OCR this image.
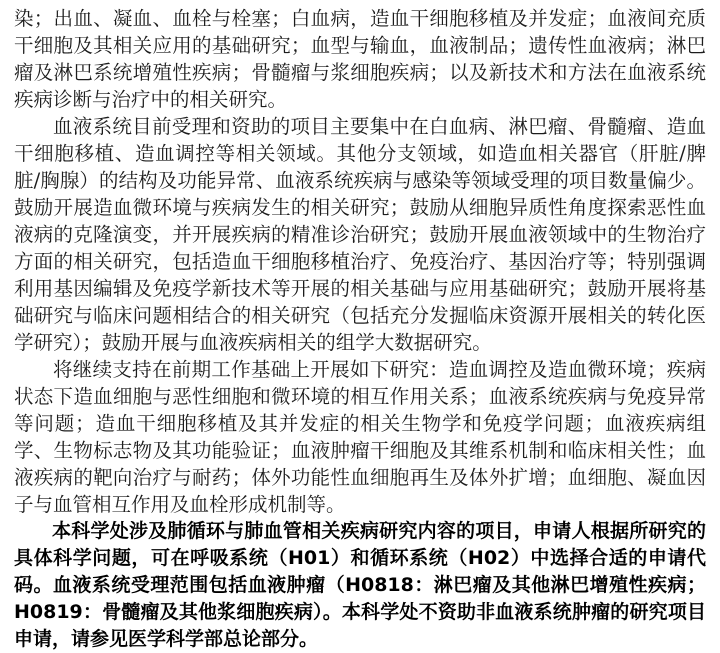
染；出血、凝血、血栓与栓塞；白血病，造血干细胞移植及并发症；血液间充质干细胞及其相关应用的基础研究；血型与输血，血液制品；遗传性血液病；淋巴瘤及淋巴系统增殖性疾病；骨髓瘤与浆细胞疾病；以及新技术和方法在血液系统疾病诊断与治疗中的相关研究。

血液系统目前受理和资助的项目主要集中在白血病、淋巴瘤、骨髓瘤、造血干细胞移植、造血调控等相关领域。其他分支领域，如造血相关器官（肝脏/脾脏/胸腺）的结构及功能异常、血液系统疾病与感染等领域受理的项目数量偏少。鼓励开展造血微环境与疾病发生的相关研究；鼓励从细胞异质性角度探索恶性血液病的克隆演变，并开展疾病的精准诊治研究；鼓励开展血液领域中的生物治疗方面的相关研究，包括造血干细胞移植治疗、免疫治疗、基因治疗等；特别强调利用基因编辑及免疫学新技术等开展的相关基础与应用基础研究；鼓励开展将基础研究与临床问题相结合的相关研究（包括充分发掘临床资源开展相关的转化医学研究）；鼓励开展与血液疾病相关的组学大数据研究。

将继续支持在前期工作基础上开展如下研究：造血调控及造血微环境；疾病状态下造血细胞与恶性细胞和微环境的相互作用关系；血液系统疾病与免疫异常等问题；造血干细胞移植及其并发症的相关生物学和免疫学问题；血液疾病组学、生物标志物及其功能验证；血液肿瘤干细胞及其维系机制和临床相关性；血液疾病的靶向治疗与耐药；体外功能性血细胞再生及体外扩增；血细胞、凝血因子与血管相互作用及血栓形成机制等。

本科学处涉及肺循环与肺血管相关疾病研究内容的项目，申请人根据所研究的具体科学问题，可在呼吸系统（H01）和循环系统（H02）中选择合适的申请代码。血液系统受理范围包括血液肿瘤（H0818：淋巴瘤及其他淋巴增殖性疾病；H0819：骨髓瘤及其他浆细胞疾病）。本科学处不资助非血液系统肿瘤的研究项目申请，请参见医学科学部总论部分。
